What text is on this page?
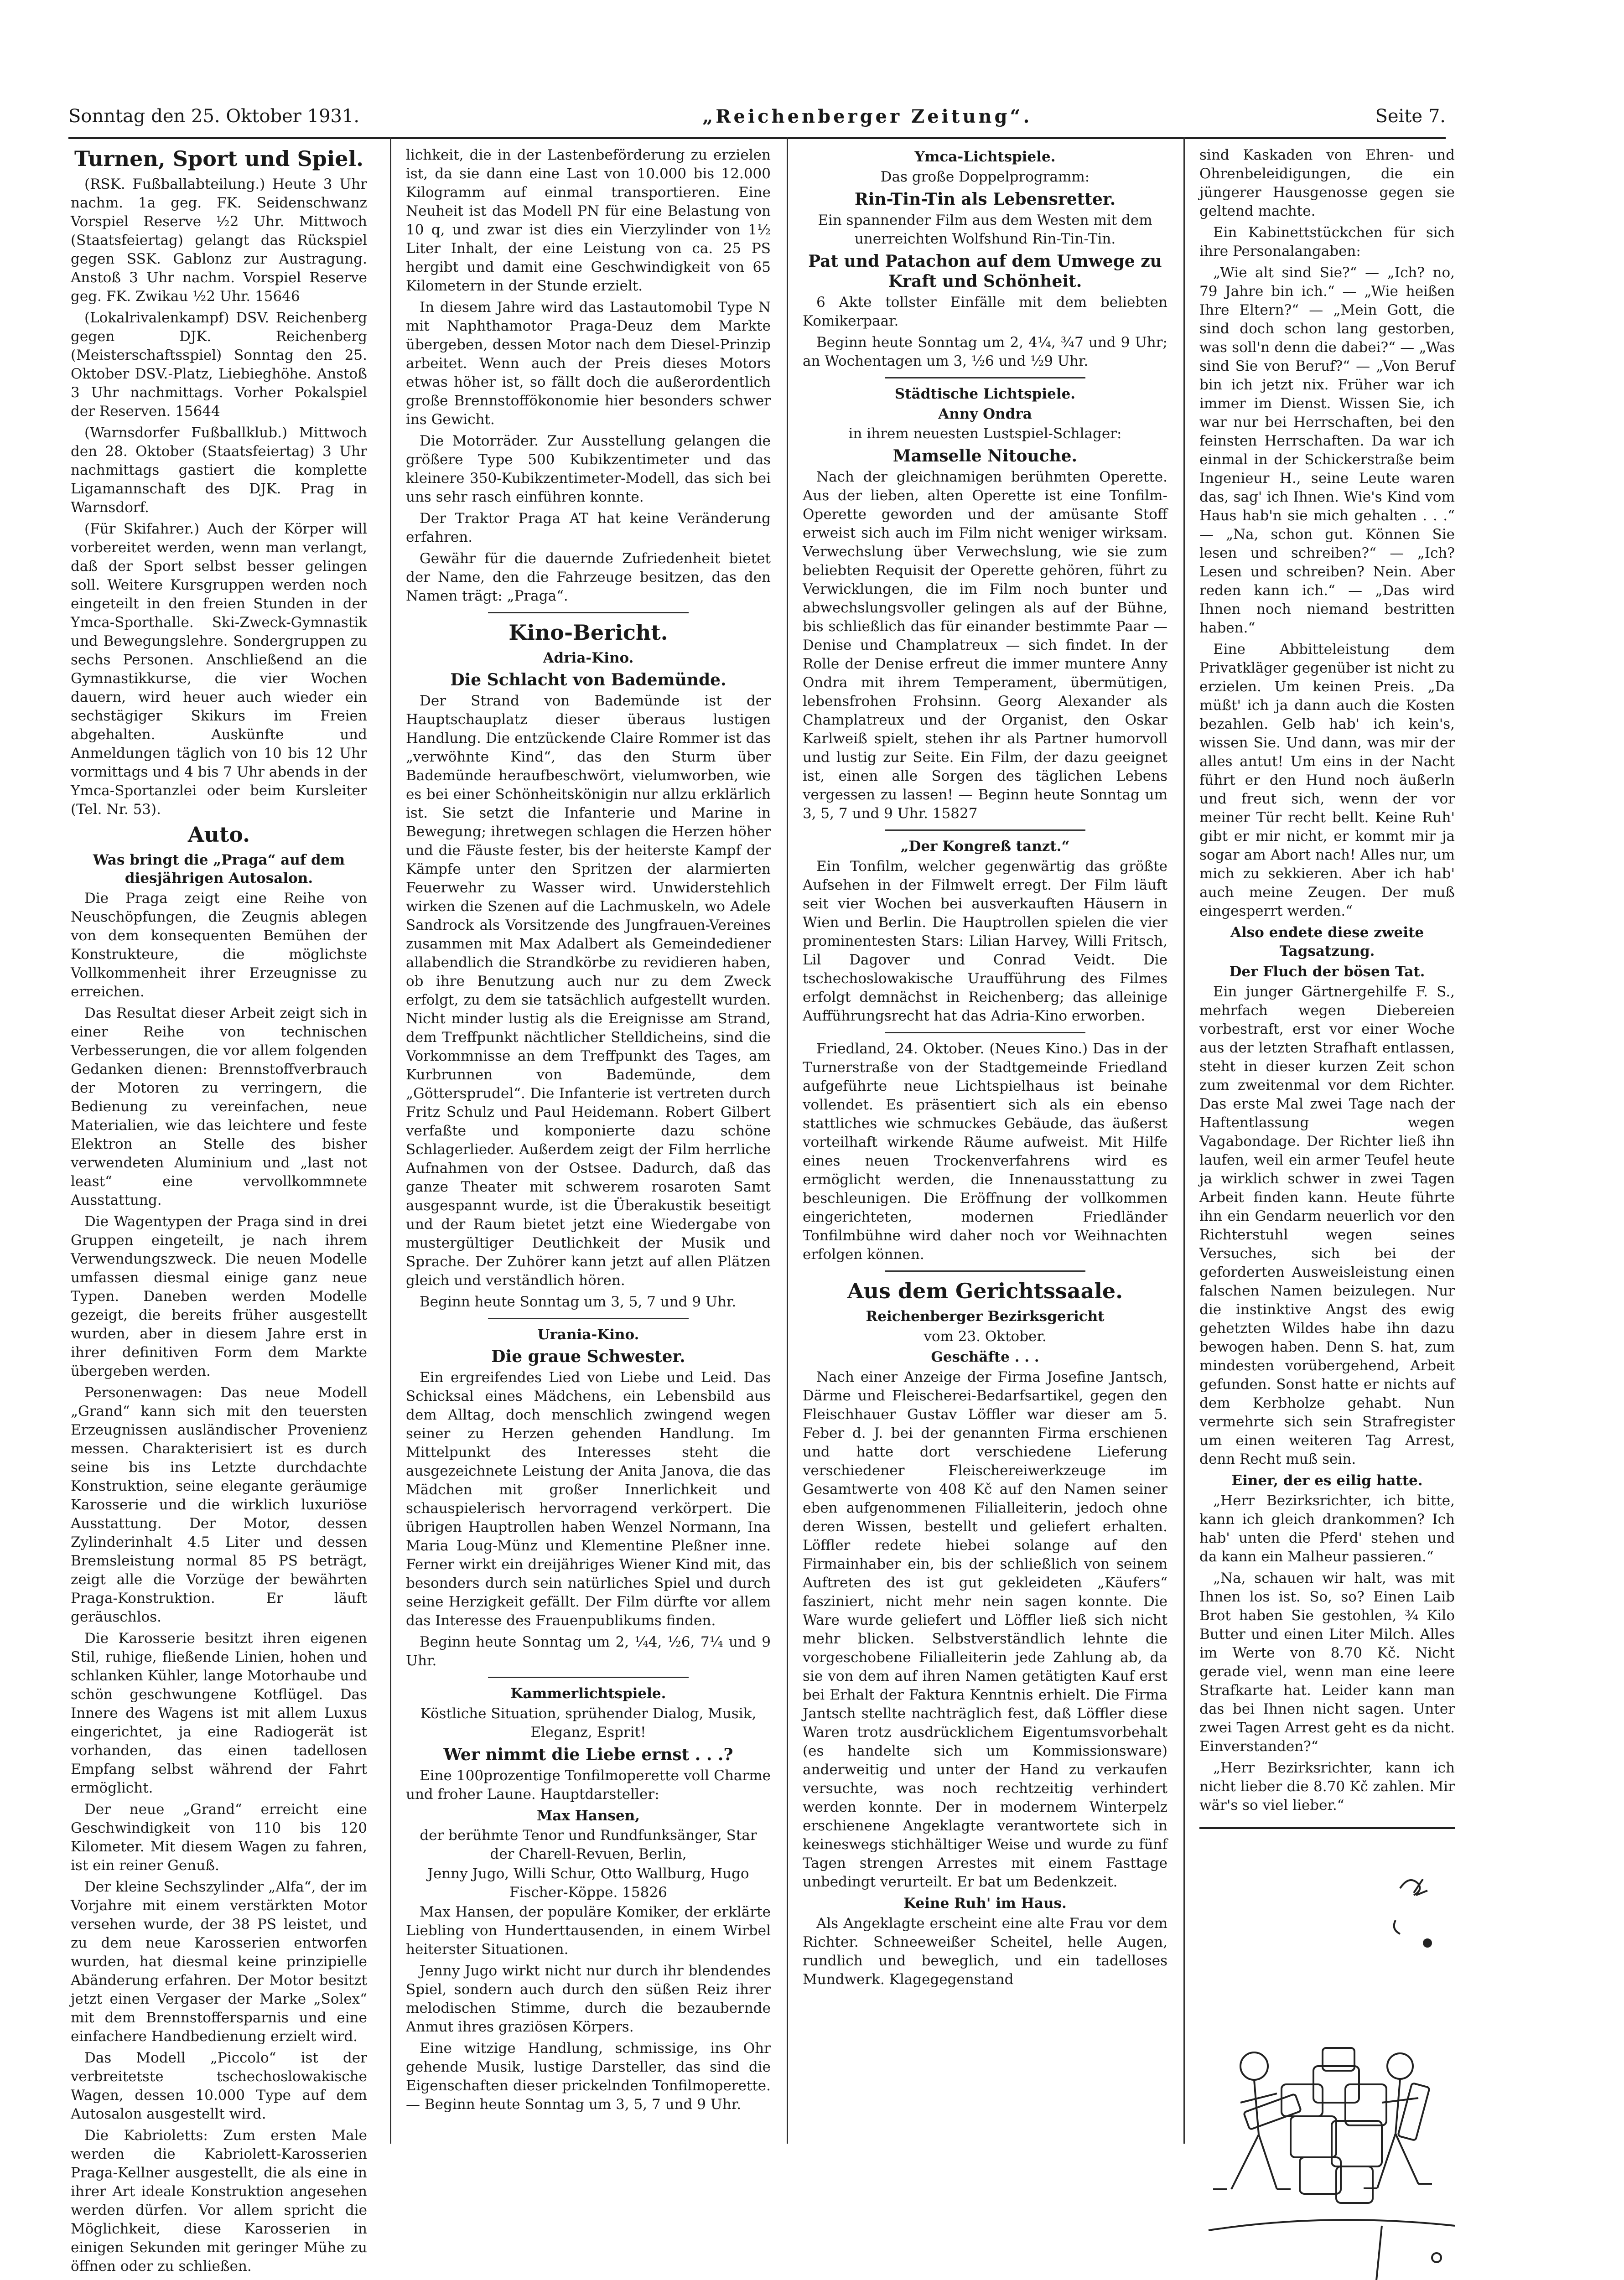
Sonntag den 25. Oktober 1931.	„Reichenberger Zeitung“.	Seite 7.
Turnen, Sport und Spiel.

(RSK. Fußballabteilung.) Heute 3 Uhr nachm. 1a geg. FK. Seidenschwanz Vorspiel Reserve ½2 Uhr. Mittwoch (Staatsfeiertag) gelangt das Rückspiel gegen SSK. Gablonz zur Austragung. Anstoß 3 Uhr nachm. Vorspiel Reserve geg. FK. Zwikau ½2 Uhr. 15646

(Lokalrivalenkampf) DSV. Reichenberg gegen DJK. Reichenberg (Meisterschaftsspiel) Sonntag den 25. Oktober DSV.-Platz, Liebieghöhe. Anstoß 3 Uhr nachmittags. Vorher Pokalspiel der Reserven. 15644

(Warnsdorfer Fußballklub.) Mittwoch den 28. Oktober (Staatsfeiertag) 3 Uhr nachmittags gastiert die komplette Ligamannschaft des DJK. Prag in Warnsdorf.

(Für Skifahrer.) Auch der Körper will vorbereitet werden, wenn man verlangt, daß der Sport selbst besser gelingen soll. Weitere Kursgruppen werden noch eingeteilt in den freien Stunden in der Ymca-Sporthalle. Ski-Zweck-Gymnastik und Bewegungslehre. Sondergruppen zu sechs Personen. Anschließend an die Gymnastikkurse, die vier Wochen dauern, wird heuer auch wieder ein sechstägiger Skikurs im Freien abgehalten. Auskünfte und Anmeldungen täglich von 10 bis 12 Uhr vormittags und 4 bis 7 Uhr abends in der Ymca-Sportanzlei oder beim Kursleiter (Tel. Nr. 53).

Auto.
Was bringt die „Praga“ auf dem diesjährigen Autosalon.

Die Praga zeigt eine Reihe von Neuschöpfungen, die Zeugnis ablegen von dem konsequenten Bemühen der Konstrukteure, die möglichste Vollkommenheit ihrer Erzeugnisse zu erreichen.

Das Resultat dieser Arbeit zeigt sich in einer Reihe von technischen Verbesserungen, die vor allem folgenden Gedanken dienen: Brennstoffverbrauch der Motoren zu verringern, die Bedienung zu vereinfachen, neue Materialien, wie das leichtere und feste Elektron an Stelle des bisher verwendeten Aluminium und „last not least“ eine vervollkommnete Ausstattung.

Die Wagentypen der Praga sind in drei Gruppen eingeteilt, je nach ihrem Verwendungszweck. Die neuen Modelle umfassen diesmal einige ganz neue Typen. Daneben werden Modelle gezeigt, die bereits früher ausgestellt wurden, aber in diesem Jahre erst in ihrer definitiven Form dem Markte übergeben werden.

Personenwagen: Das neue Modell „Grand“ kann sich mit den teuersten Erzeugnissen ausländischer Provenienz messen. Charakterisiert ist es durch seine bis ins Letzte durchdachte Konstruktion, seine elegante geräumige Karosserie und die wirklich luxuriöse Ausstattung. Der Motor, dessen Zylinderinhalt 4.5 Liter und dessen Bremsleistung normal 85 PS beträgt, zeigt alle die Vorzüge der bewährten Praga-Konstruktion. Er läuft geräuschlos.

Die Karosserie besitzt ihren eigenen Stil, ruhige, fließende Linien, hohen und schlanken Kühler, lange Motorhaube und schön geschwungene Kotflügel. Das Innere des Wagens ist mit allem Luxus eingerichtet, ja eine Radiogerät ist vorhanden, das einen tadellosen Empfang selbst während der Fahrt ermöglicht.

Der neue „Grand“ erreicht eine Geschwindigkeit von 110 bis 120 Kilometer. Mit diesem Wagen zu fahren, ist ein reiner Genuß.

Der kleine Sechszylinder „Alfa“, der im Vorjahre mit einem verstärkten Motor versehen wurde, der 38 PS leistet, und zu dem neue Karosserien entworfen wurden, hat diesmal keine prinzipielle Abänderung erfahren. Der Motor besitzt jetzt einen Vergaser der Marke „Solex“ mit dem Brennstoffersparnis und eine einfachere Handbedienung erzielt wird.

Das Modell „Piccolo“ ist der verbreitetste tschechoslowakische Wagen, dessen 10.000 Type auf dem Autosalon ausgestellt wird.

Die Kabrioletts: Zum ersten Male werden die Kabriolett-Karosserien Praga-Kellner ausgestellt, die als eine in ihrer Art ideale Konstruktion angesehen werden dürfen. Vor allem spricht die Möglichkeit, diese Karosserien in einigen Sekunden mit geringer Mühe zu öffnen oder zu schließen.

lichkeit, die in der Lastenbeförderung zu erzielen ist, da sie dann eine Last von 10.000 bis 12.000 Kilogramm auf einmal transportieren. Eine Neuheit ist das Modell PN für eine Belastung von 10 q, und zwar ist dies ein Vierzylinder von 1½ Liter Inhalt, der eine Leistung von ca. 25 PS hergibt und damit eine Geschwindigkeit von 65 Kilometern in der Stunde erzielt.

In diesem Jahre wird das Lastautomobil Type N mit Naphthamotor Praga-Deuz dem Markte übergeben, dessen Motor nach dem Diesel-Prinzip arbeitet. Wenn auch der Preis dieses Motors etwas höher ist, so fällt doch die außerordentlich große Brennstoffökonomie hier besonders schwer ins Gewicht.

Die Motorräder. Zur Ausstellung gelangen die größere Type 500 Kubikzentimeter und das kleinere 350-Kubikzentimeter-Modell, das sich bei uns sehr rasch einführen konnte.

Der Traktor Praga AT hat keine Veränderung erfahren.

Gewähr für die dauernde Zufriedenheit bietet der Name, den die Fahrzeuge besitzen, das den Namen trägt: „Praga“.

Kino-Bericht.
Adria-Kino.
Die Schlacht von Bademünde.

Der Strand von Bademünde ist der Hauptschauplatz dieser überaus lustigen Handlung. Die entzückende Claire Rommer ist das „verwöhnte Kind“, das den Sturm über Bademünde heraufbeschwört, vielumworben, wie es bei einer Schönheitskönigin nur allzu erklärlich ist. Sie setzt die Infanterie und Marine in Bewegung; ihretwegen schlagen die Herzen höher und die Fäuste fester, bis der heiterste Kampf der Kämpfe unter den Spritzen der alarmierten Feuerwehr zu Wasser wird. Unwiderstehlich wirken die Szenen auf die Lachmuskeln, wo Adele Sandrock als Vorsitzende des Jungfrauen-Vereines zusammen mit Max Adalbert als Gemeindediener allabendlich die Strandkörbe zu revidieren haben, ob ihre Benutzung auch nur zu dem Zweck erfolgt, zu dem sie tatsächlich aufgestellt wurden. Nicht minder lustig als die Ereignisse am Strand, dem Treffpunkt nächtlicher Stelldicheins, sind die Vorkommnisse an dem Treffpunkt des Tages, am Kurbrunnen von Bademünde, dem „Göttersprudel“. Die Infanterie ist vertreten durch Fritz Schulz und Paul Heidemann. Robert Gilbert verfaßte und komponierte dazu schöne Schlagerlieder. Außerdem zeigt der Film herrliche Aufnahmen von der Ostsee. Dadurch, daß das ganze Theater mit schwerem rosaroten Samt ausgespannt wurde, ist die Überakustik beseitigt und der Raum bietet jetzt eine Wiedergabe von mustergültiger Deutlichkeit der Musik und Sprache. Der Zuhörer kann jetzt auf allen Plätzen gleich und verständlich hören.

Beginn heute Sonntag um 3, 5, 7 und 9 Uhr.

Urania-Kino.
Die graue Schwester.

Ein ergreifendes Lied von Liebe und Leid. Das Schicksal eines Mädchens, ein Lebensbild aus dem Alltag, doch menschlich zwingend wegen seiner zu Herzen gehenden Handlung. Im Mittelpunkt des Interesses steht die ausgezeichnete Leistung der Anita Janova, die das Mädchen mit großer Innerlichkeit und schauspielerisch hervorragend verkörpert. Die übrigen Hauptrollen haben Wenzel Normann, Ina Maria Loug-Münz und Klementine Pleßner inne. Ferner wirkt ein dreijähriges Wiener Kind mit, das besonders durch sein natürliches Spiel und durch seine Herzigkeit gefällt. Der Film dürfte vor allem das Interesse des Frauenpublikums finden.

Beginn heute Sonntag um 2, ¼4, ½6, 7¼ und 9 Uhr.

Kammerlichtspiele.
Köstliche Situation, sprühender Dialog, Musik, Eleganz, Esprit!
Wer nimmt die Liebe ernst . . .?

Eine 100prozentige Tonfilmoperette voll Charme und froher Laune. Hauptdarsteller:

Max Hansen,
der berühmte Tenor und Rundfunksänger, Star der Charell-Revuen, Berlin,
Jenny Jugo, Willi Schur, Otto Wallburg, Hugo Fischer-Köppe. 15826

Max Hansen, der populäre Komiker, der erklärte Liebling von Hunderttausenden, in einem Wirbel heiterster Situationen.

Jenny Jugo wirkt nicht nur durch ihr blendendes Spiel, sondern auch durch den süßen Reiz ihrer melodischen Stimme, durch die bezaubernde Anmut ihres graziösen Körpers.

Eine witzige Handlung, schmissige, ins Ohr gehende Musik, lustige Darsteller, das sind die Eigenschaften dieser prickelnden Tonfilmoperette. — Beginn heute Sonntag um 3, 5, 7 und 9 Uhr.

Ymca-Lichtspiele.
Das große Doppelprogramm:
Rin-Tin-Tin als Lebensretter.
Ein spannender Film aus dem Westen mit dem unerreichten Wolfshund Rin-Tin-Tin.
Pat und Patachon auf dem Umwege zu Kraft und Schönheit.

6 Akte tollster Einfälle mit dem beliebten Komikerpaar.

Beginn heute Sonntag um 2, 4¼, ¾7 und 9 Uhr; an Wochentagen um 3, ½6 und ½9 Uhr.

Städtische Lichtspiele.
Anny Ondra
in ihrem neuesten Lustspiel-Schlager:
Mamselle Nitouche.

Nach der gleichnamigen berühmten Operette. Aus der lieben, alten Operette ist eine Tonfilm-Operette geworden und der amüsante Stoff erweist sich auch im Film nicht weniger wirksam. Verwechslung über Verwechslung, wie sie zum beliebten Requisit der Operette gehören, führt zu Verwicklungen, die im Film noch bunter und abwechslungsvoller gelingen als auf der Bühne, bis schließlich das für einander bestimmte Paar — Denise und Champlatreux — sich findet. In der Rolle der Denise erfreut die immer muntere Anny Ondra mit ihrem Temperament, übermütigen, lebensfrohen Frohsinn. Georg Alexander als Champlatreux und der Organist, den Oskar Karlweiß spielt, stehen ihr als Partner humorvoll und lustig zur Seite. Ein Film, der dazu geeignet ist, einen alle Sorgen des täglichen Lebens vergessen zu lassen! — Beginn heute Sonntag um 3, 5, 7 und 9 Uhr. 15827

„Der Kongreß tanzt.“

Ein Tonfilm, welcher gegenwärtig das größte Aufsehen in der Filmwelt erregt. Der Film läuft seit vier Wochen bei ausverkauften Häusern in Wien und Berlin. Die Hauptrollen spielen die vier prominentesten Stars: Lilian Harvey, Willi Fritsch, Lil Dagover und Conrad Veidt. Die tschechoslowakische Uraufführung des Filmes erfolgt demnächst in Reichenberg; das alleinige Aufführungsrecht hat das Adria-Kino erworben.

Friedland, 24. Oktober. (Neues Kino.) Das in der Turnerstraße von der Stadtgemeinde Friedland aufgeführte neue Lichtspielhaus ist beinahe vollendet. Es präsentiert sich als ein ebenso stattliches wie schmuckes Gebäude, das äußerst vorteilhaft wirkende Räume aufweist. Mit Hilfe eines neuen Trockenverfahrens wird es ermöglicht werden, die Innenausstattung zu beschleunigen. Die Eröffnung der vollkommen eingerichteten, modernen Friedländer Tonfilmbühne wird daher noch vor Weihnachten erfolgen können.

Aus dem Gerichtssaale.
Reichenberger Bezirksgericht
vom 23. Oktober.
Geschäfte . . .

Nach einer Anzeige der Firma Josefine Jantsch, Därme und Fleischerei-Bedarfsartikel, gegen den Fleischhauer Gustav Löffler war dieser am 5. Feber d. J. bei der genannten Firma erschienen und hatte dort verschiedene Lieferung verschiedener Fleischereiwerkzeuge im Gesamtwerte von 408 Kč auf den Namen seiner eben aufgenommenen Filialleiterin, jedoch ohne deren Wissen, bestellt und geliefert erhalten. Löffler redete hiebei solange auf den Firmainhaber ein, bis der schließlich von seinem Auftreten des ist gut gekleideten „Käufers“ fasziniert, nicht mehr nein sagen konnte. Die Ware wurde geliefert und Löffler ließ sich nicht mehr blicken. Selbstverständlich lehnte die vorgeschobene Filialleiterin jede Zahlung ab, da sie von dem auf ihren Namen getätigten Kauf erst bei Erhalt der Faktura Kenntnis erhielt. Die Firma Jantsch stellte nachträglich fest, daß Löffler diese Waren trotz ausdrücklichem Eigentumsvorbehalt (es handelte sich um Kommissionsware) anderweitig und unter der Hand zu verkaufen versuchte, was noch rechtzeitig verhindert werden konnte. Der in modernem Winterpelz erschienene Angeklagte verantwortete sich in keineswegs stichhältiger Weise und wurde zu fünf Tagen strengen Arrestes mit einem Fasttage unbedingt verurteilt. Er bat um Bedenkzeit.

Keine Ruh' im Haus.

Als Angeklagte erscheint eine alte Frau vor dem Richter. Schneeweißer Scheitel, helle Augen, rundlich und beweglich, und ein tadelloses Mundwerk. Klagegegenstand

sind Kaskaden von Ehren- und Ohrenbeleidigungen, die ein jüngerer Hausgenosse gegen sie geltend machte.

Ein Kabinettstückchen für sich ihre Personalangaben:

„Wie alt sind Sie?“ — „Ich? no, 79 Jahre bin ich.“ — „Wie heißen Ihre Eltern?“ — „Mein Gott, die sind doch schon lang gestorben, was soll'n denn die dabei?“ — „Was sind Sie von Beruf?“ — „Von Beruf bin ich jetzt nix. Früher war ich immer im Dienst. Wissen Sie, ich war nur bei Herrschaften, bei den feinsten Herrschaften. Da war ich einmal in der Schickerstraße beim Ingenieur H., seine Leute waren das, sag' ich Ihnen. Wie's Kind vom Haus hab'n sie mich gehalten . . .“ — „Na, schon gut. Können Sie lesen und schreiben?“ — „Ich? Lesen und schreiben? Nein. Aber reden kann ich.“ — „Das wird Ihnen noch niemand bestritten haben.“

Eine Abbitteleistung dem Privatkläger gegenüber ist nicht zu erzielen. Um keinen Preis. „Da müßt' ich ja dann auch die Kosten bezahlen. Gelb hab' ich kein's, wissen Sie. Und dann, was mir der alles antut! Um eins in der Nacht führt er den Hund noch äußerln und freut sich, wenn der vor meiner Tür recht bellt. Keine Ruh' gibt er mir nicht, er kommt mir ja sogar am Abort nach! Alles nur, um mich zu sekkieren. Aber ich hab' auch meine Zeugen. Der muß eingesperrt werden.“

Also endete diese zweite Tagsatzung.
Der Fluch der bösen Tat.

Ein junger Gärtnergehilfe F. S., mehrfach wegen Diebereien vorbestraft, erst vor einer Woche aus der letzten Strafhaft entlassen, steht in dieser kurzen Zeit schon zum zweitenmal vor dem Richter. Das erste Mal zwei Tage nach der Haftentlassung wegen Vagabondage. Der Richter ließ ihn laufen, weil ein armer Teufel heute ja wirklich schwer in zwei Tagen Arbeit finden kann. Heute führte ihn ein Gendarm neuerlich vor den Richterstuhl wegen seines Versuches, sich bei der geforderten Ausweisleistung einen falschen Namen beizulegen. Nur die instinktive Angst des ewig gehetzten Wildes habe ihn dazu bewogen haben. Denn S. hat, zum mindesten vorübergehend, Arbeit gefunden. Sonst hatte er nichts auf dem Kerbholze gehabt. Nun vermehrte sich sein Strafregister um einen weiteren Tag Arrest, denn Recht muß sein.

Einer, der es eilig hatte.

„Herr Bezirksrichter, ich bitte, kann ich gleich drankommen? Ich hab' unten die Pferd' stehen und da kann ein Malheur passieren.“

„Na, schauen wir halt, was mit Ihnen los ist. So, so? Einen Laib Brot haben Sie gestohlen, ¾ Kilo Butter und einen Liter Milch. Alles im Werte von 8.70 Kč. Nicht gerade viel, wenn man eine leere Strafkarte hat. Leider kann man das bei Ihnen nicht sagen. Unter zwei Tagen Arrest geht es da nicht. Einverstanden?“

„Herr Bezirksrichter, kann ich nicht lieber die 8.70 Kč zahlen. Mir wär's so viel lieber.“
